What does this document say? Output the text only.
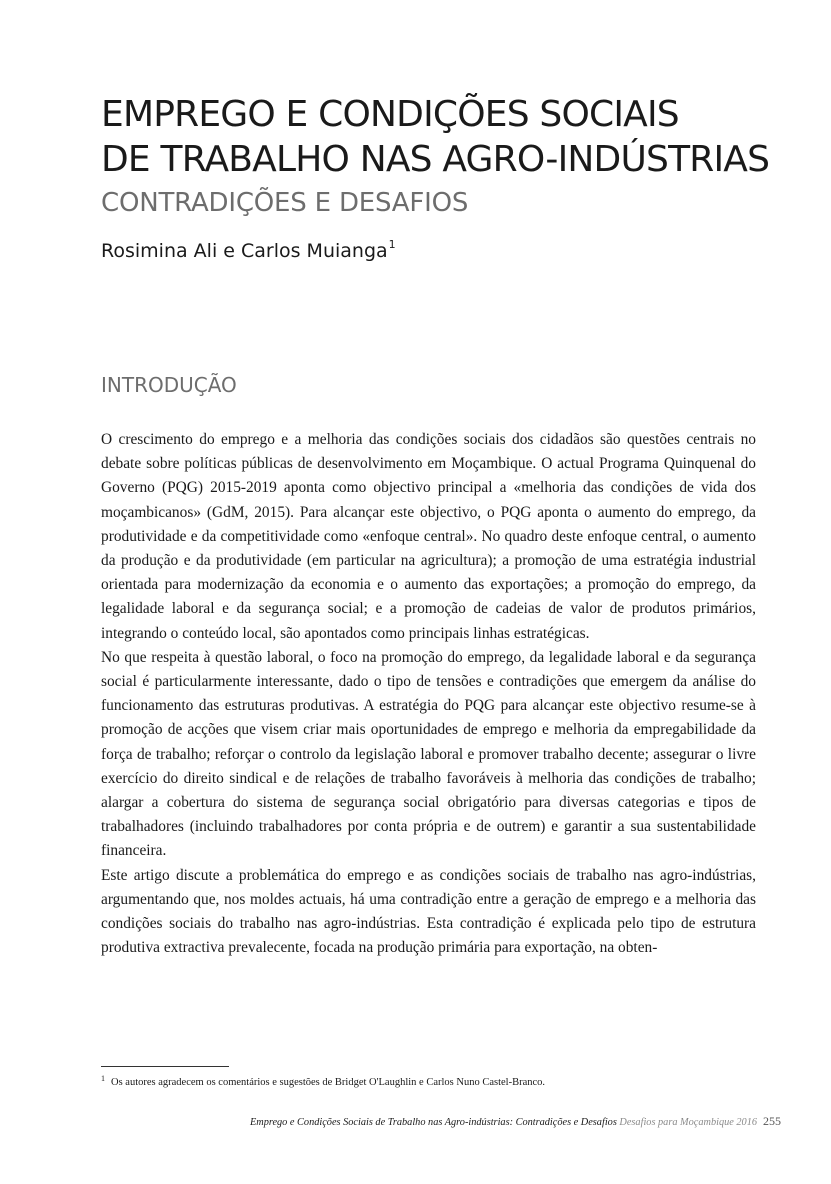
EMPREGO E CONDIÇÕES SOCIAIS
DE TRABALHO NAS AGRO-INDÚSTRIAS
CONTRADIÇÕES E DESAFIOS
Rosimina Ali e Carlos Muianga$^1$
INTRODUÇÃO

O crescimento do emprego e a melhoria das condições sociais dos cidadãos são questões centrais no debate sobre políticas públicas de desenvolvimento em Moçambique. O actual Programa Quinquenal do Governo (PQG) 2015-2019 aponta como objectivo principal a «melhoria das condições de vida dos moçambicanos» (GdM, 2015). Para alcançar este objectivo, o PQG aponta o aumento do emprego, da produtividade e da competitividade como «enfoque central». No quadro deste enfoque central, o aumento da produção e da produtividade (em particular na agricultura); a promoção de uma estratégia industrial orientada para modernização da economia e o aumento das exportações; a promoção do emprego, da legalidade laboral e da segurança social; e a promoção de cadeias de valor de produtos primários, integrando o conteúdo local, são apontados como principais linhas estratégicas.

No que respeita à questão laboral, o foco na promoção do emprego, da legalidade laboral e da segurança social é particularmente interessante, dado o tipo de tensões e contradições que emergem da análise do funcionamento das estruturas produtivas. A estratégia do PQG para alcançar este objectivo resume-se à promoção de acções que visem criar mais oportunidades de emprego e melhoria da empregabilidade da força de trabalho; reforçar o controlo da legislação laboral e promover trabalho decente; assegurar o livre exercício do direito sindical e de relações de trabalho favoráveis à melhoria das condições de trabalho; alargar a cobertura do sistema de segurança social obrigatório para diversas categorias e tipos de trabalhadores (incluindo trabalhadores por conta própria e de outrem) e garantir a sua sustentabilidade financeira.

Este artigo discute a problemática do emprego e as condições sociais de trabalho nas agro-indústrias, argumentando que, nos moldes actuais, há uma contradição entre a geração de emprego e a melhoria das condições sociais do trabalho nas agro-indústrias. Esta contradição é explicada pelo tipo de estrutura produtiva extractiva prevalecente, focada na produção primária para exportação, na obten-

$^1$ Os autores agradecem os comentários e sugestões de Bridget O'Laughlin e Carlos Nuno Castel-Branco.
Emprego e Condições Sociais de Trabalho nas Agro-indústrias: Contradições e Desafios Desafios para Moçambique 2016 255
